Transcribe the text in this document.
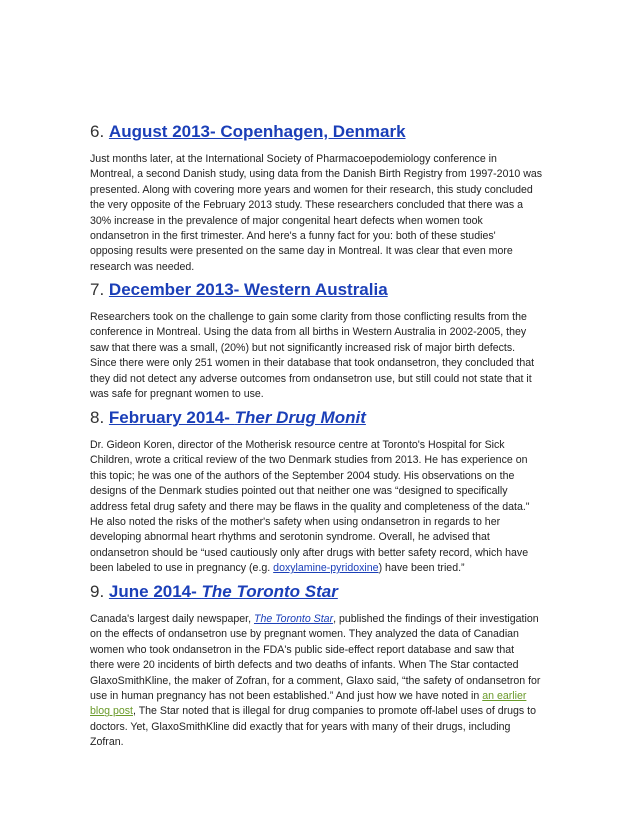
6. August 2013- Copenhagen, Denmark
Just months later, at the International Society of Pharmacoepodemiology conference in
Montreal, a second Danish study, using data from the Danish Birth Registry from 1997-2010 was
presented. Along with covering more years and women for their research, this study concluded
the very opposite of the February 2013 study. These researchers concluded that there was a
30% increase in the prevalence of major congenital heart defects when women took
ondansetron in the first trimester. And here's a funny fact for you: both of these studies'
opposing results were presented on the same day in Montreal. It was clear that even more
research was needed.
7. December 2013- Western Australia
Researchers took on the challenge to gain some clarity from those conflicting results from the
conference in Montreal. Using the data from all births in Western Australia in 2002-2005, they
saw that there was a small, (20%) but not significantly increased risk of major birth defects.
Since there were only 251 women in their database that took ondansetron, they concluded that
they did not detect any adverse outcomes from ondansetron use, but still could not state that it
was safe for pregnant women to use.
8. February 2014- Ther Drug Monit
Dr. Gideon Koren, director of the Motherisk resource centre at Toronto's Hospital for Sick
Children, wrote a critical review of the two Denmark studies from 2013. He has experience on
this topic; he was one of the authors of the September 2004 study. His observations on the
designs of the Denmark studies pointed out that neither one was “designed to specifically
address fetal drug safety and there may be flaws in the quality and completeness of the data."
He also noted the risks of the mother's safety when using ondansetron in regards to her
developing abnormal heart rhythms and serotonin syndrome. Overall, he advised that
ondansetron should be “used cautiously only after drugs with better safety record, which have
been labeled to use in pregnancy (e.g. doxylamine-pyridoxine) have been tried.”
9. June 2014- The Toronto Star
Canada's largest daily newspaper, The Toronto Star, published the findings of their investigation
on the effects of ondansetron use by pregnant women. They analyzed the data of Canadian
women who took ondansetron in the FDA's public side-effect report database and saw that
there were 20 incidents of birth defects and two deaths of infants. When The Star contacted
GlaxoSmithKline, the maker of Zofran, for a comment, Glaxo said, “the safety of ondansetron for
use in human pregnancy has not been established.” And just how we have noted in an earlier
blog post, The Star noted that is illegal for drug companies to promote off-label uses of drugs to
doctors. Yet, GlaxoSmithKline did exactly that for years with many of their drugs, including
Zofran.
